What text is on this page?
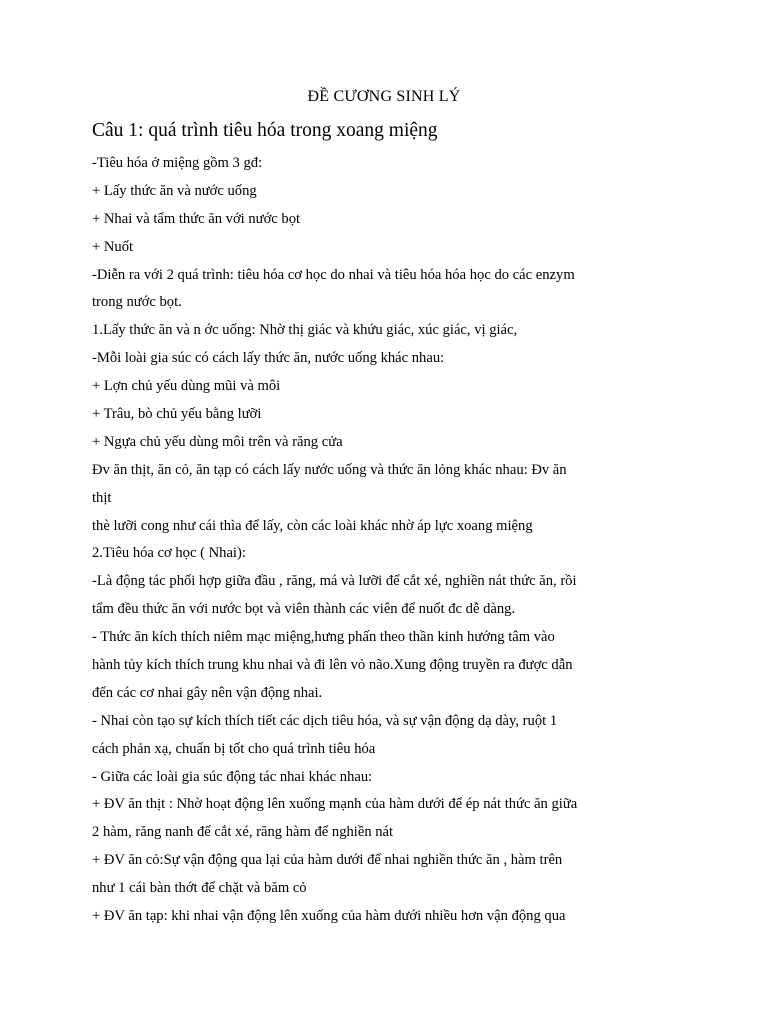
ĐỀ CƯƠNG SINH LÝ
Câu 1: quá trình tiêu hóa trong xoang miệng
-Tiêu hóa ở miệng gồm 3 gđ:
+ Lấy thức ăn và nước uống
+ Nhai và tẩm thức ăn với nước bọt
+ Nuốt
-Diễn ra với 2 quá trình: tiêu hóa cơ học do nhai và tiêu hóa hóa học do các enzym
trong nước bọt.
1.Lấy thức ăn và n ớc uống: Nhờ thị giác và khứu giác, xúc giác, vị giác,
-Mỗi loài gia súc có cách lấy thức ăn, nước uống khác nhau:
+ Lợn chủ yếu dùng mũi và môi
+ Trâu, bò chủ yếu bằng lưỡi
+ Ngựa chủ yếu dùng môi trên và răng cửa
Đv ăn thịt, ăn cỏ, ăn tạp có cách lấy nước uống và thức ăn lỏng khác nhau: Đv ăn
thịt
thè lưỡi cong như cái thìa để lấy, còn các loài khác nhờ áp lực xoang miệng
2.Tiêu hóa cơ học ( Nhai):
-Là động tác phối hợp giữa đầu , răng, má và lưỡi để cắt xé, nghiền nát thức ăn, rồi
tẩm đều thức ăn với nước bọt và viên thành các viên để nuốt đc dễ dàng.
- Thức ăn kích thích niêm mạc miệng,hưng phấn theo thần kinh hướng tâm vào
hành tủy kích thích trung khu nhai và đi lên vỏ não.Xung động truyền ra được dẫn
đến các cơ nhai gây nên vận động nhai.
- Nhai còn tạo sự kích thích tiết các dịch tiêu hóa, và sự vận động dạ dày, ruột 1
cách phản xạ, chuẩn bị tốt cho quá trình tiêu hóa
- Giữa các loài gia súc động tác nhai khác nhau:
+ ĐV ăn thịt : Nhờ hoạt động lên xuống mạnh của hàm dưới để ép nát thức ăn giữa
2 hàm, răng nanh để cắt xé, răng hàm để nghiền nát
+ ĐV ăn cỏ:Sự vận động qua lại của hàm dưới để nhai nghiền thức ăn , hàm trên
như 1 cái bàn thớt để chặt và băm cỏ
+ ĐV ăn tạp: khi nhai vận động lên xuống của hàm dưới nhiều hơn vận động qua
